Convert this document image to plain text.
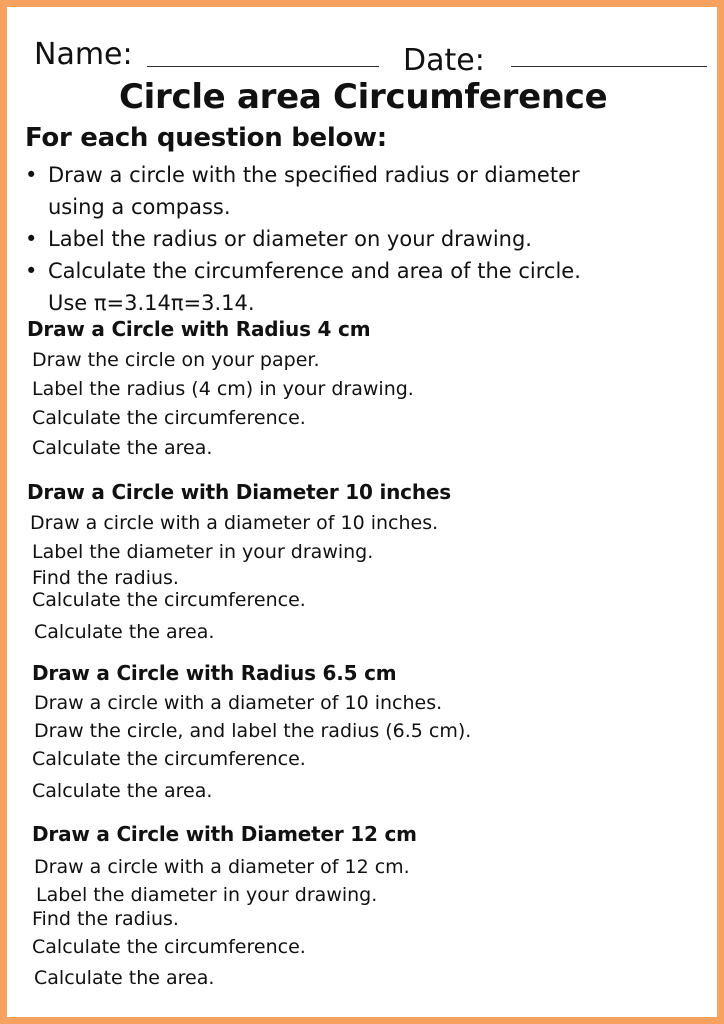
Name:	Date:
Circle area Circumference
For each question below:
• Draw a circle with the specified radius or diameter
using a compass.
• Label the radius or diameter on your drawing.
• Calculate the circumference and area of the circle.
Use π=3.14π=3.14.
Draw a Circle with Radius 4 cm
Draw the circle on your paper.
Label the radius (4 cm) in your drawing.
Calculate the circumference.
Calculate the area.
Draw a Circle with Diameter 10 inches
Draw a circle with a diameter of 10 inches.
Label the diameter in your drawing.
Find the radius.
Calculate the circumference.
Calculate the area.
Draw a Circle with Radius 6.5 cm
Draw a circle with a diameter of 10 inches.
Draw the circle, and label the radius (6.5 cm).
Calculate the circumference.
Calculate the area.
Draw a Circle with Diameter 12 cm
Draw a circle with a diameter of 12 cm.
Label the diameter in your drawing.
Find the radius.
Calculate the circumference.
Calculate the area.
